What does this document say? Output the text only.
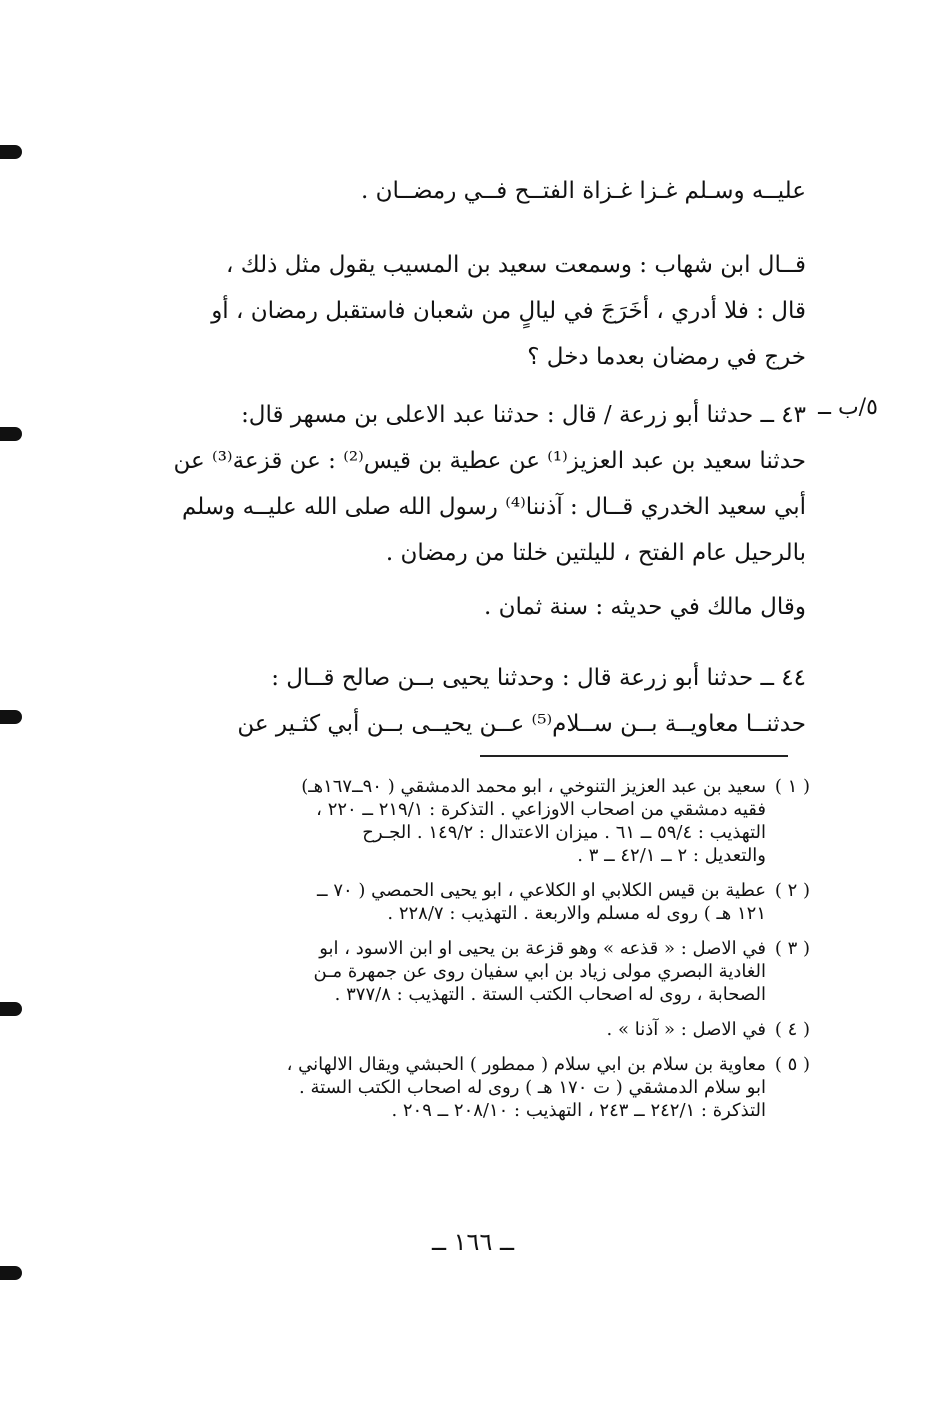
عليــه وسـلم غـزا غـزاة الفتــح فــي رمضــان .

قــال ابن شهاب : وسمعت سعيد بن المسيب يقول مثل ذلك ،

قال : فلا أدري ، أخَرَجَ في ليالٍ من شعبان فاستقبل رمضان ، أو

خرج في رمضان بعدما دخل ؟

٥/ب ــ

٤٣ ــ حدثنا أبو زرعة / قال : حدثنا عبد الاعلى بن مسهر قال:

حدثنا سعيد بن عبد العزيز⁽¹⁾ عن عطية بن قيس⁽²⁾ : عن قزعة⁽³⁾ عن

أبي سعيد الخدري قــال : آذننا⁽⁴⁾ رسول الله صلى الله عليــه وسلم

بالرحيل عام الفتح ، لليلتين خلتا من رمضان .

وقال مالك في حديثه : سنة ثمان .

٤٤ ــ حدثنا أبو زرعة قال : وحدثنا يحيى بــن صالح قــال :

حدثنــا معاويــة بــن ســلام⁽⁵⁾ عــن يحيــى بــن أبي كثـير عن

( ١ )
سعيد بن عبد العزيز التنوخي ، ابو محمد الدمشقي ( ٩٠ــ١٦٧هـ)
فقيه دمشقي من اصحاب الاوزاعي . التذكرة : ٢١٩/١ ــ ٢٢٠ ،
التهذيب : ٥٩/٤ ــ ٦١ . ميزان الاعتدال : ١٤٩/٢ . الجـرح
والتعديل : ٢ ــ ٤٢/١ ــ ٣ .
( ٢ )
عطية بن قيس الكلابي او الكلاعي ، ابو يحيى الحمصي ( ٧٠ ــ
١٢١ هـ ) روى له مسلم والاربعة . التهذيب : ٢٢٨/٧ .
( ٣ )
في الاصل : « قذعه » وهو قزعة بن يحيى او ابن الاسود ، ابو
الغادية البصري مولى زياد بن ابي سفيان روى عن جمهرة مـن
الصحابة ، روى له اصحاب الكتب الستة . التهذيب : ٣٧٧/٨ .
( ٤ )
في الاصل : « آذنا » .
( ٥ )
معاوية بن سلام بن ابي سلام ( ممطور ) الحبشي ويقال الالهاني ،
ابو سلام الدمشقي ( ت ١٧٠ هـ ) روى له اصحاب الكتب الستة .
التذكرة : ٢٤٢/١ ــ ٢٤٣ ، التهذيب : ٢٠٨/١٠ ــ ٢٠٩ .
ــ ١٦٦ ــ
